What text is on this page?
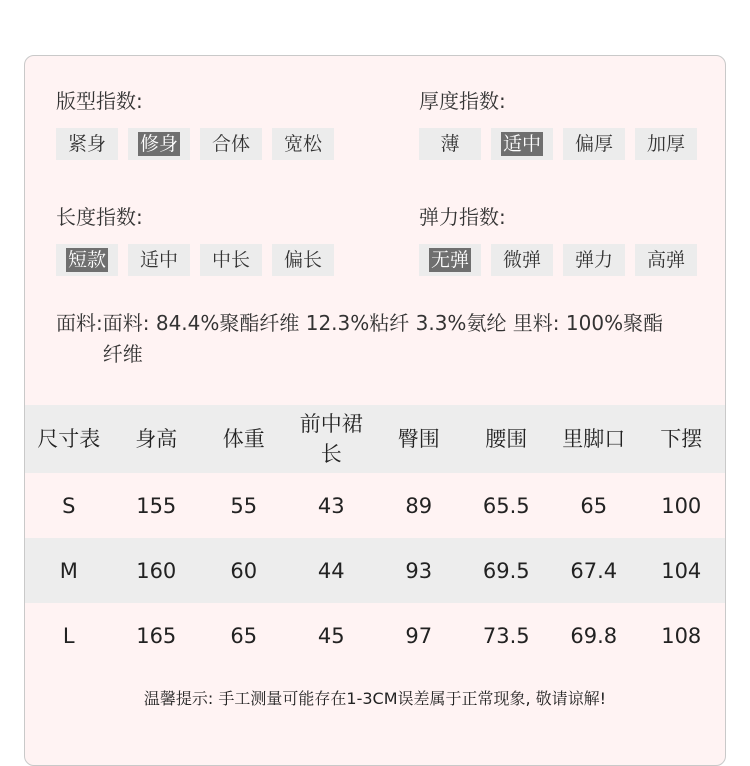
版型指数:
紧身	修身	合体	宽松
厚度指数:
薄	适中	偏厚	加厚
长度指数:
短款	适中	中长	偏长
弹力指数:
无弹	微弹	弹力	高弹
面料: 面料: 84.4%聚酯纤维 12.3%粘纤 3.3%氨纶 里料: 100%聚酯纤维
尺寸表	身高	体重	前中裙长	臀围	腰围	里脚口	下摆
S	155	55	43	89	65.5	65	100
M	160	60	44	93	69.5	67.4	104
L	165	65	45	97	73.5	69.8	108
温馨提示: 手工测量可能存在1-3CM误差属于正常现象, 敬请谅解!
